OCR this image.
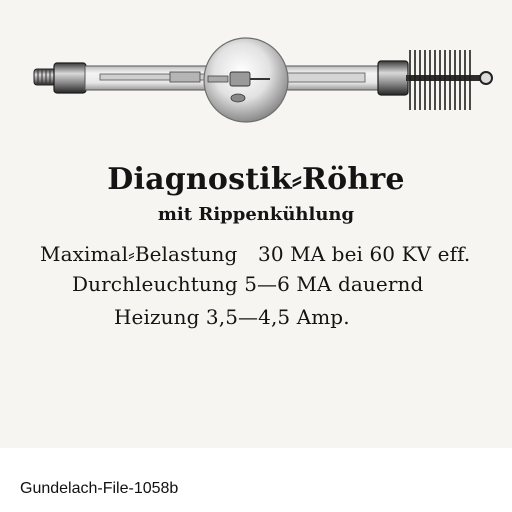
Diagnostik⸗Röhre
mit Rippenkühlung
Maximal⸗Belastung 30 MA bei 60 KV eff.
Durchleuchtung 5—6 MA dauernd
Heizung 3,5—4,5 Amp.
Gundelach-File-1058b
